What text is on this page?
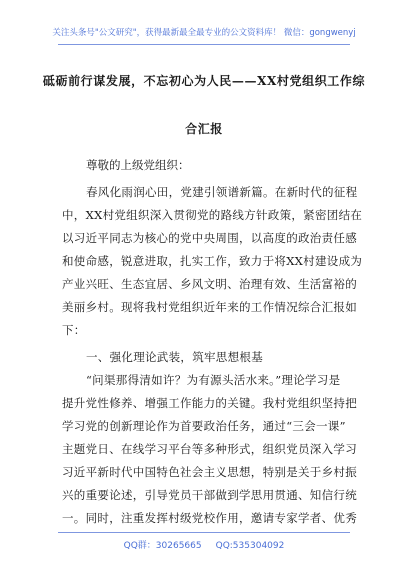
关注头条号"公文研究"，获得最新最全最专业的公文资料库！ 微信：gongwenyj
砥砺前行谋发展，不忘初心为人民——XX村党组织工作综
合汇报
尊敬的上级党组织：
春风化雨润心田，党建引领谱新篇。在新时代的征程
中，XX村党组织深入贯彻党的路线方针政策，紧密团结在
以习近平同志为核心的党中央周围，以高度的政治责任感
和使命感，锐意进取，扎实工作，致力于将XX村建设成为
产业兴旺、生态宜居、乡风文明、治理有效、生活富裕的
美丽乡村。现将我村党组织近年来的工作情况综合汇报如
下：
一、强化理论武装，筑牢思想根基
“问渠那得清如许？为有源头活水来。”理论学习是
提升党性修养、增强工作能力的关键。我村党组织坚持把
学习党的创新理论作为首要政治任务，通过“三会一课”
主题党日、在线学习平台等多种形式，组织党员深入学习
习近平新时代中国特色社会主义思想，特别是关于乡村振
兴的重要论述，引导党员干部做到学思用贯通、知信行统
一。同时，注重发挥村级党校作用，邀请专家学者、优秀
QQ群：30265665 QQ:535304092
